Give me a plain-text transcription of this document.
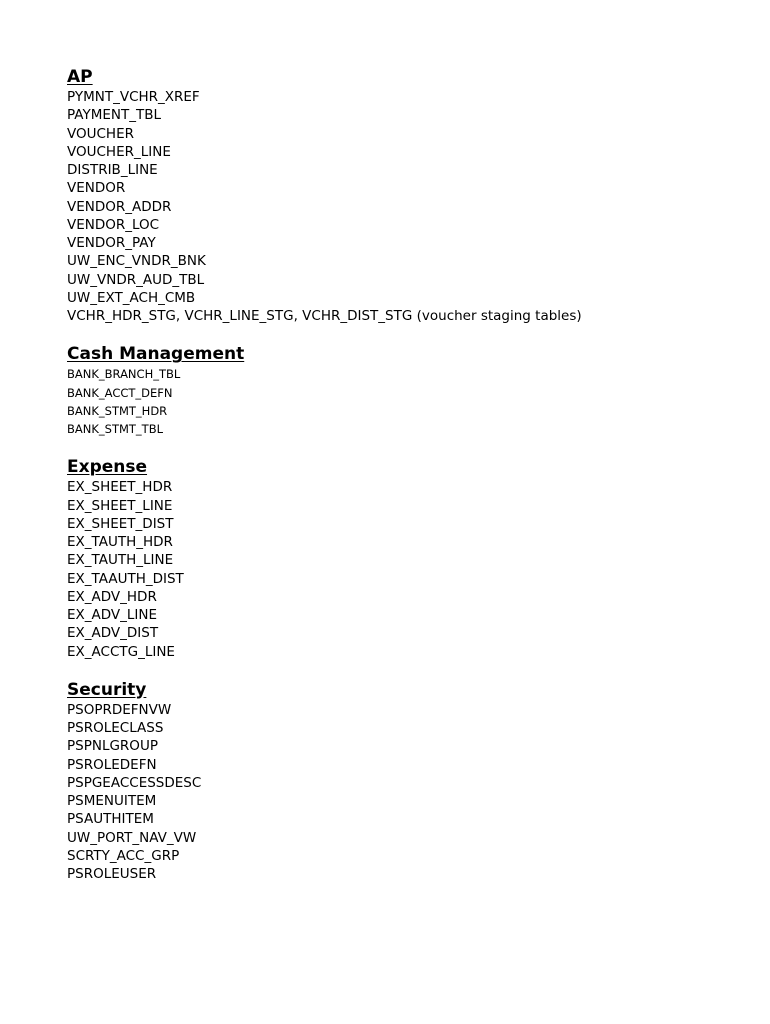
AP
PYMNT_VCHR_XREF
PAYMENT_TBL
VOUCHER
VOUCHER_LINE
DISTRIB_LINE
VENDOR
VENDOR_ADDR
VENDOR_LOC
VENDOR_PAY
UW_ENC_VNDR_BNK
UW_VNDR_AUD_TBL
UW_EXT_ACH_CMB
VCHR_HDR_STG, VCHR_LINE_STG, VCHR_DIST_STG (voucher staging tables)
Cash Management
BANK_BRANCH_TBL
BANK_ACCT_DEFN
BANK_STMT_HDR
BANK_STMT_TBL
Expense
EX_SHEET_HDR
EX_SHEET_LINE
EX_SHEET_DIST
EX_TAUTH_HDR
EX_TAUTH_LINE
EX_TAAUTH_DIST
EX_ADV_HDR
EX_ADV_LINE
EX_ADV_DIST
EX_ACCTG_LINE
Security
PSOPRDEFNVW
PSROLECLASS
PSPNLGROUP
PSROLEDEFN
PSPGEACCESSDESC
PSMENUITEM
PSAUTHITEM
UW_PORT_NAV_VW
SCRTY_ACC_GRP
PSROLEUSER
